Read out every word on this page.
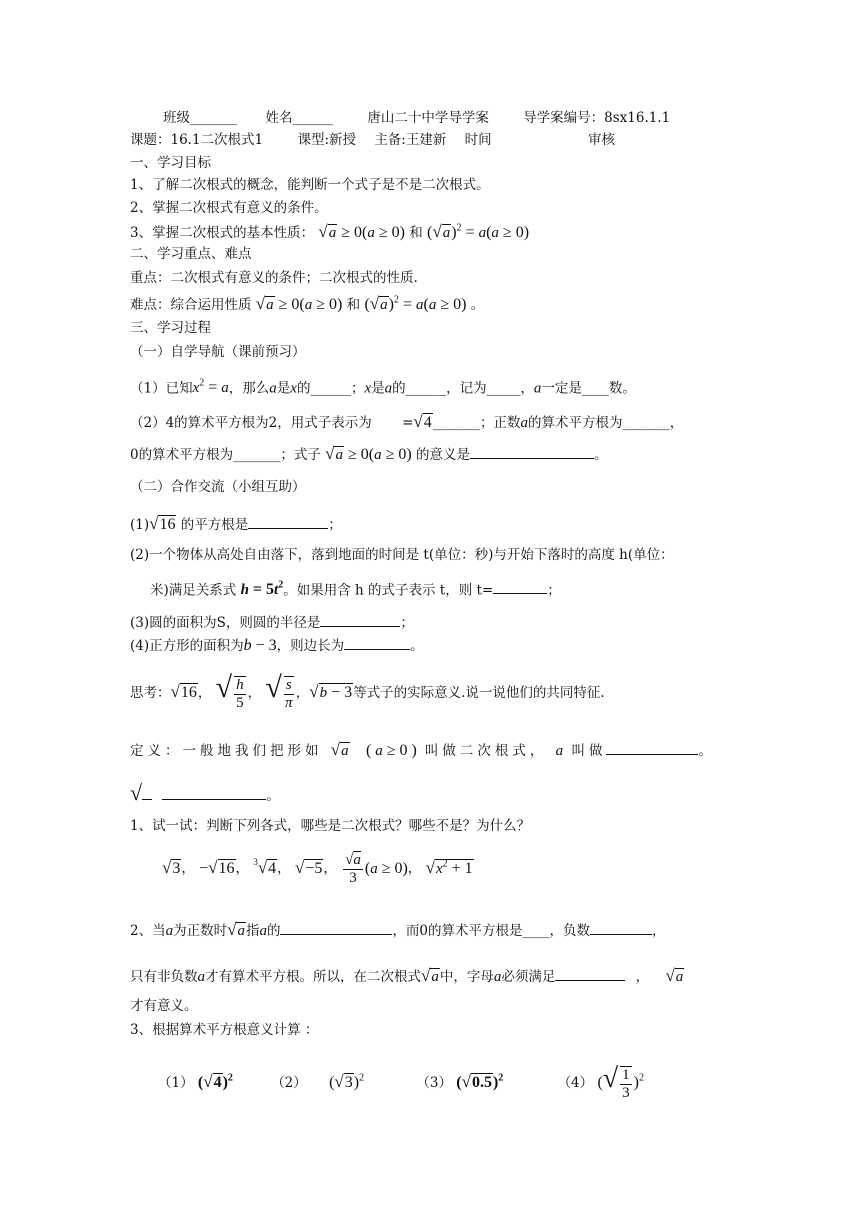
班级_______ 姓名______	唐山二十中学导学案	导学案编号：8sx16.1.1
课题：16.1二次根式1	课型:新授 主备:王建新 时间	审核
一、学习目标
1、了解二次根式的概念，能判断一个式子是不是二次根式。
2、掌握二次根式有意义的条件。
3、掌握二次根式的基本性质： √a ≥ 0(a ≥ 0) 和 $(√a)^2 = a(a \ge 0)$
二、学习重点、难点
重点：二次根式有意义的条件；二次根式的性质.
难点：综合运用性质 √a ≥ 0(a ≥ 0) 和 $(√a)^2 = a(a \ge 0)$ 。
三、学习过程
（一）自学导航（课前预习）
（1）已知$x^2 = a$，那么a是x的______；x是a的______，记为_____，a一定是____数。
（2）4的算术平方根为2，用式子表示为 =√4_______；正数a的算术平方根为_______，
0的算术平方根为_______；式子 √a ≥ 0(a ≥ 0) 的意义是	。
（二）合作交流（小组互助）
(1)√16 的平方根是	；
(2)一个物体从高处自由落下，落到地面的时间是 t(单位：秒)与开始下落时的高度 h(单位：
米)满足关系式 $h = 5t^2$。如果用含 h 的式子表示 t，则 t=	；
(3)圆的面积为S，则圆的半径是	；
(4)正方形的面积为b − 3，则边长为	。
思考：√16， √ $\frac{h}{5}$ ， √ $\frac{s}{\pi}$ ，√b − 3等式子的实际意义.说一说他们的共同特征.
定义：一般地我们把形如 √a ( a ≥ 0 ) 叫做二次根式， a 叫做	。
√	。
1、试一试：判断下列各式，哪些是二次根式？哪些不是？为什么？
√3， −√16， $^3$√4， √−5， $\frac{√a}{3} (a \ge 0)$， $√x^2 + 1$
2、当a为正数时√a指a的	，而0的算术平方根是____，负数	，
只有非负数a才有算术平方根。所以，在二次根式√a中，字母a必须满足	， √a
才有意义。
3、根据算术平方根意义计算 ：
（1） $(√4)^2$	（2） $(√3)^2$	（3） $(√0.5)^2$	（4） (√ $\frac{1}{3} )^2$
